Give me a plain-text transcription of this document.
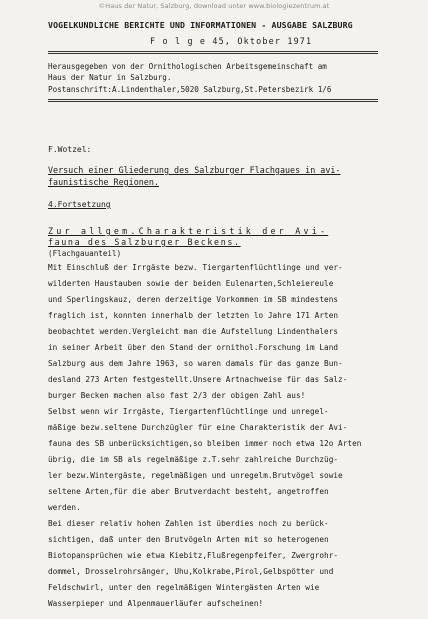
©Haus der Natur, Salzburg, download unter www.biologiezentrum.at
VOGELKUNDLICHE BERICHTE UND INFORMATIONEN - AUSGABE SALZBURG
F o l g e 45, Oktober 1971
Herausgegeben von der Ornithologischen Arbeitsgemeinschaft am
Haus der Natur in Salzburg.
Postanschrift:A.Lindenthaler,5020 Salzburg,St.Petersbezirk 1/6
F.Wotzel:
Versuch einer Gliederung des Salzburger Flachgaues in avi-
faunistische Regionen.
4.Fortsetzung
Zur allgem.Charakteristik der Avi-
fauna des Salzburger Beckens.
(Flachgauanteil)
Mit Einschluß der Irrgäste bezw. Tiergartenflüchtlinge und ver-
wilderten Haustauben sowie der beiden Eulenarten,Schleiereule
und Sperlingskauz, deren derzeitige Vorkommen im SB mindestens
fraglich ist, konnten innerhalb der letzten lo Jahre 171 Arten
beobachtet werden.Vergleicht man die Aufstellung Lindenthalers
in seiner Arbeit über den Stand der ornithol.Forschung im Land
Salzburg aus dem Jahre 1963, so waren damals für das ganze Bun-
desland 273 Arten festgestellt.Unsere Artnachweise für das Salz-
burger Becken machen also fast 2/3 der obigen Zahl aus!
Selbst wenn wir Irrgäste, Tiergartenflüchtlinge und unregel-
mäßige bezw.seltene Durchzügler für eine Charakteristik der Avi-
fauna des SB unberücksichtigen,so bleiben immer noch etwa 12o Arten
übrig, die im SB als regelmäßige z.T.sehr zahlreiche Durchzüg-
ler bezw.Wintergäste, regelmäßigen und unregelm.Brutvögel sowie
seltene Arten,für die aber Brutverdacht besteht, angetroffen
werden.
Bei dieser relativ hohen Zahlen ist überdies noch zu berück-
sichtigen, daß unter den Brutvögeln Arten mit so heterogenen
Biotopansprüchen wie etwa Kiebitz,Flußregenpfeifer, Zwergrohr-
dommel, Drosselrohrsänger, Uhu,Kolkrabe,Pirol,Gelbspötter und
Feldschwirl, unter den regelmäßigen Wintergästen Arten wie
Wasserpieper und Alpenmauerläufer aufscheinen!
